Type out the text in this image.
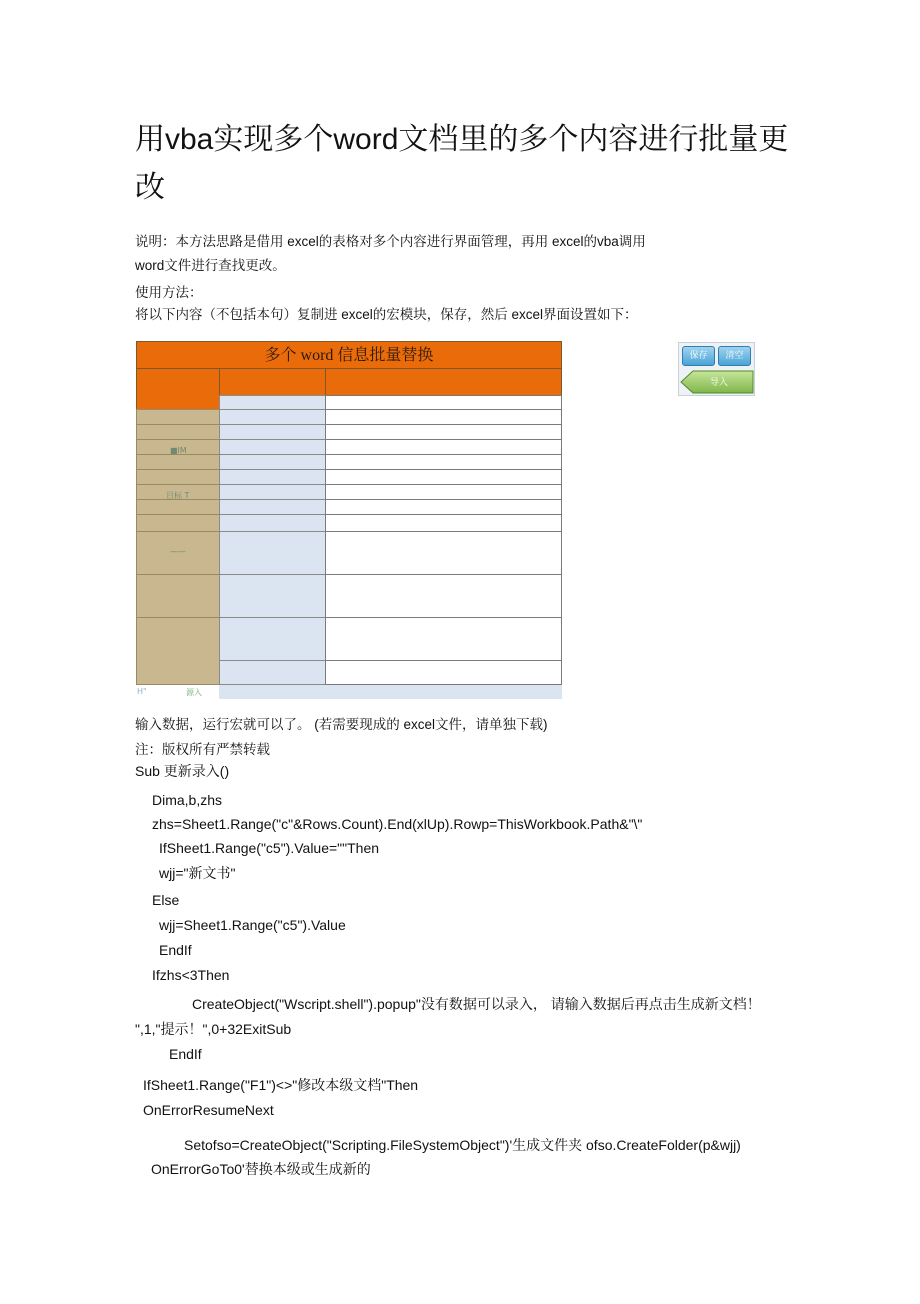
用vba实现多个word文档里的多个内容进行批量更改
说明：本方法思路是借用 excel的表格对多个内容进行界面管理，再用 excel的vba调用
word文件进行查找更改。
使用方法：
将以下内容（不包括本句）复制进 excel的宏模块，保存，然后 excel界面设置如下：
多个 word 信息批量替换
■lM
目标 T
——
H"	源入
保存	清空
导入
输入数据，运行宏就可以了。 (若需要现成的 excel文件，请单独下载)
注：版权所有严禁转载
Sub 更新录入()
Dima,b,zhs
zhs=Sheet1.Range("c"&Rows.Count).End(xlUp).Rowp=ThisWorkbook.Path&"\"
IfSheet1.Range("c5").Value=""Then
wjj="新文书"
Else
wjj=Sheet1.Range("c5").Value
EndIf
Ifzhs<3Then
CreateObject("Wscript.shell").popup"没有数据可以录入， 请输入数据后再点击生成新文档！
",1,"提示！",0+32ExitSub
EndIf
IfSheet1.Range("F1")<>"修改本级文档"Then
OnErrorResumeNext
Setofso=CreateObject("Scripting.FileSystemObject")'生成文件夹 ofso.CreateFolder(p&wjj)
OnErrorGoTo0'替换本级或生成新的
